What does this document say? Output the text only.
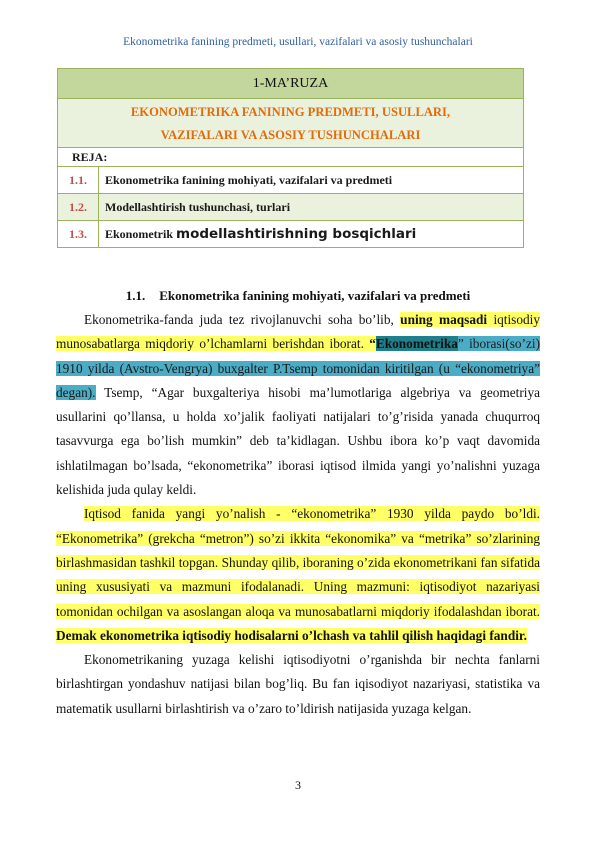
Ekonometrika fanining predmeti, usullari, vazifalari va asosiy tushunchalari
1-MA’RUZA	

EKONOMETRIKA FANINING PREDMETI, USULLARI,
VAZIFALARI VA ASOSIY TUSHUNCHALARI	

REJA:	
1.1.	Ekonometrika fanining mohiyati, vazifalari va predmeti
1.2.	Modellashtirish tushunchasi, turlari
1.3.	Ekonometrik modellashtirishning bosqichlari
1.1. Ekonometrika fanining mohiyati, vazifalari va predmeti

Ekonometrika-fanda juda tez rivojlanuvchi soha bo’lib, uning maqsadi iqtisodiy munosabatlarga miqdoriy o’lchamlarni berishdan iborat. “Ekonometrika” iborasi(so’zi) 1910 yilda (Avstro-Vengrya) buxgalter P.Tsemp tomonidan kiritilgan (u “ekonometriya” degan). Tsemp, “Agar buxgalteriya hisobi ma’lumotlariga algebriya va geometriya usullarini qo’llansa, u holda xo’jalik faoliyati natijalari to’g’risida yanada chuqurroq tasavvurga ega bo’lish mumkin” deb ta’kidlagan. Ushbu ibora ko’p vaqt davomida ishlatilmagan bo’lsada, “ekonometrika” iborasi iqtisod ilmida yangi yo’nalishni yuzaga kelishida juda qulay keldi.

Iqtisod fanida yangi yo’nalish - “ekonometrika” 1930 yilda paydo bo’ldi. “Ekonometrika” (grekcha “metron”) so’zi ikkita “ekonomika” va “metrika” so’zlarining birlashmasidan tashkil topgan. Shunday qilib, iboraning o’zida ekonometrikani fan sifatida uning xususiyati va mazmuni ifodalanadi. Uning mazmuni: iqtisodiyot nazariyasi tomonidan ochilgan va asoslangan aloqa va munosabatlarni miqdoriy ifodalashdan iborat. Demak ekonometrika iqtisodiy hodisalarni o’lchash va tahlil qilish haqidagi fandir.

Ekonometrikaning yuzaga kelishi iqtisodiyotni o’rganishda bir nechta fanlarni birlashtirgan yondashuv natijasi bilan bog’liq. Bu fan iqisodiyot nazariyasi, statistika va matematik usullarni birlashtirish va o’zaro to’ldirish natijasida yuzaga kelgan.

3
